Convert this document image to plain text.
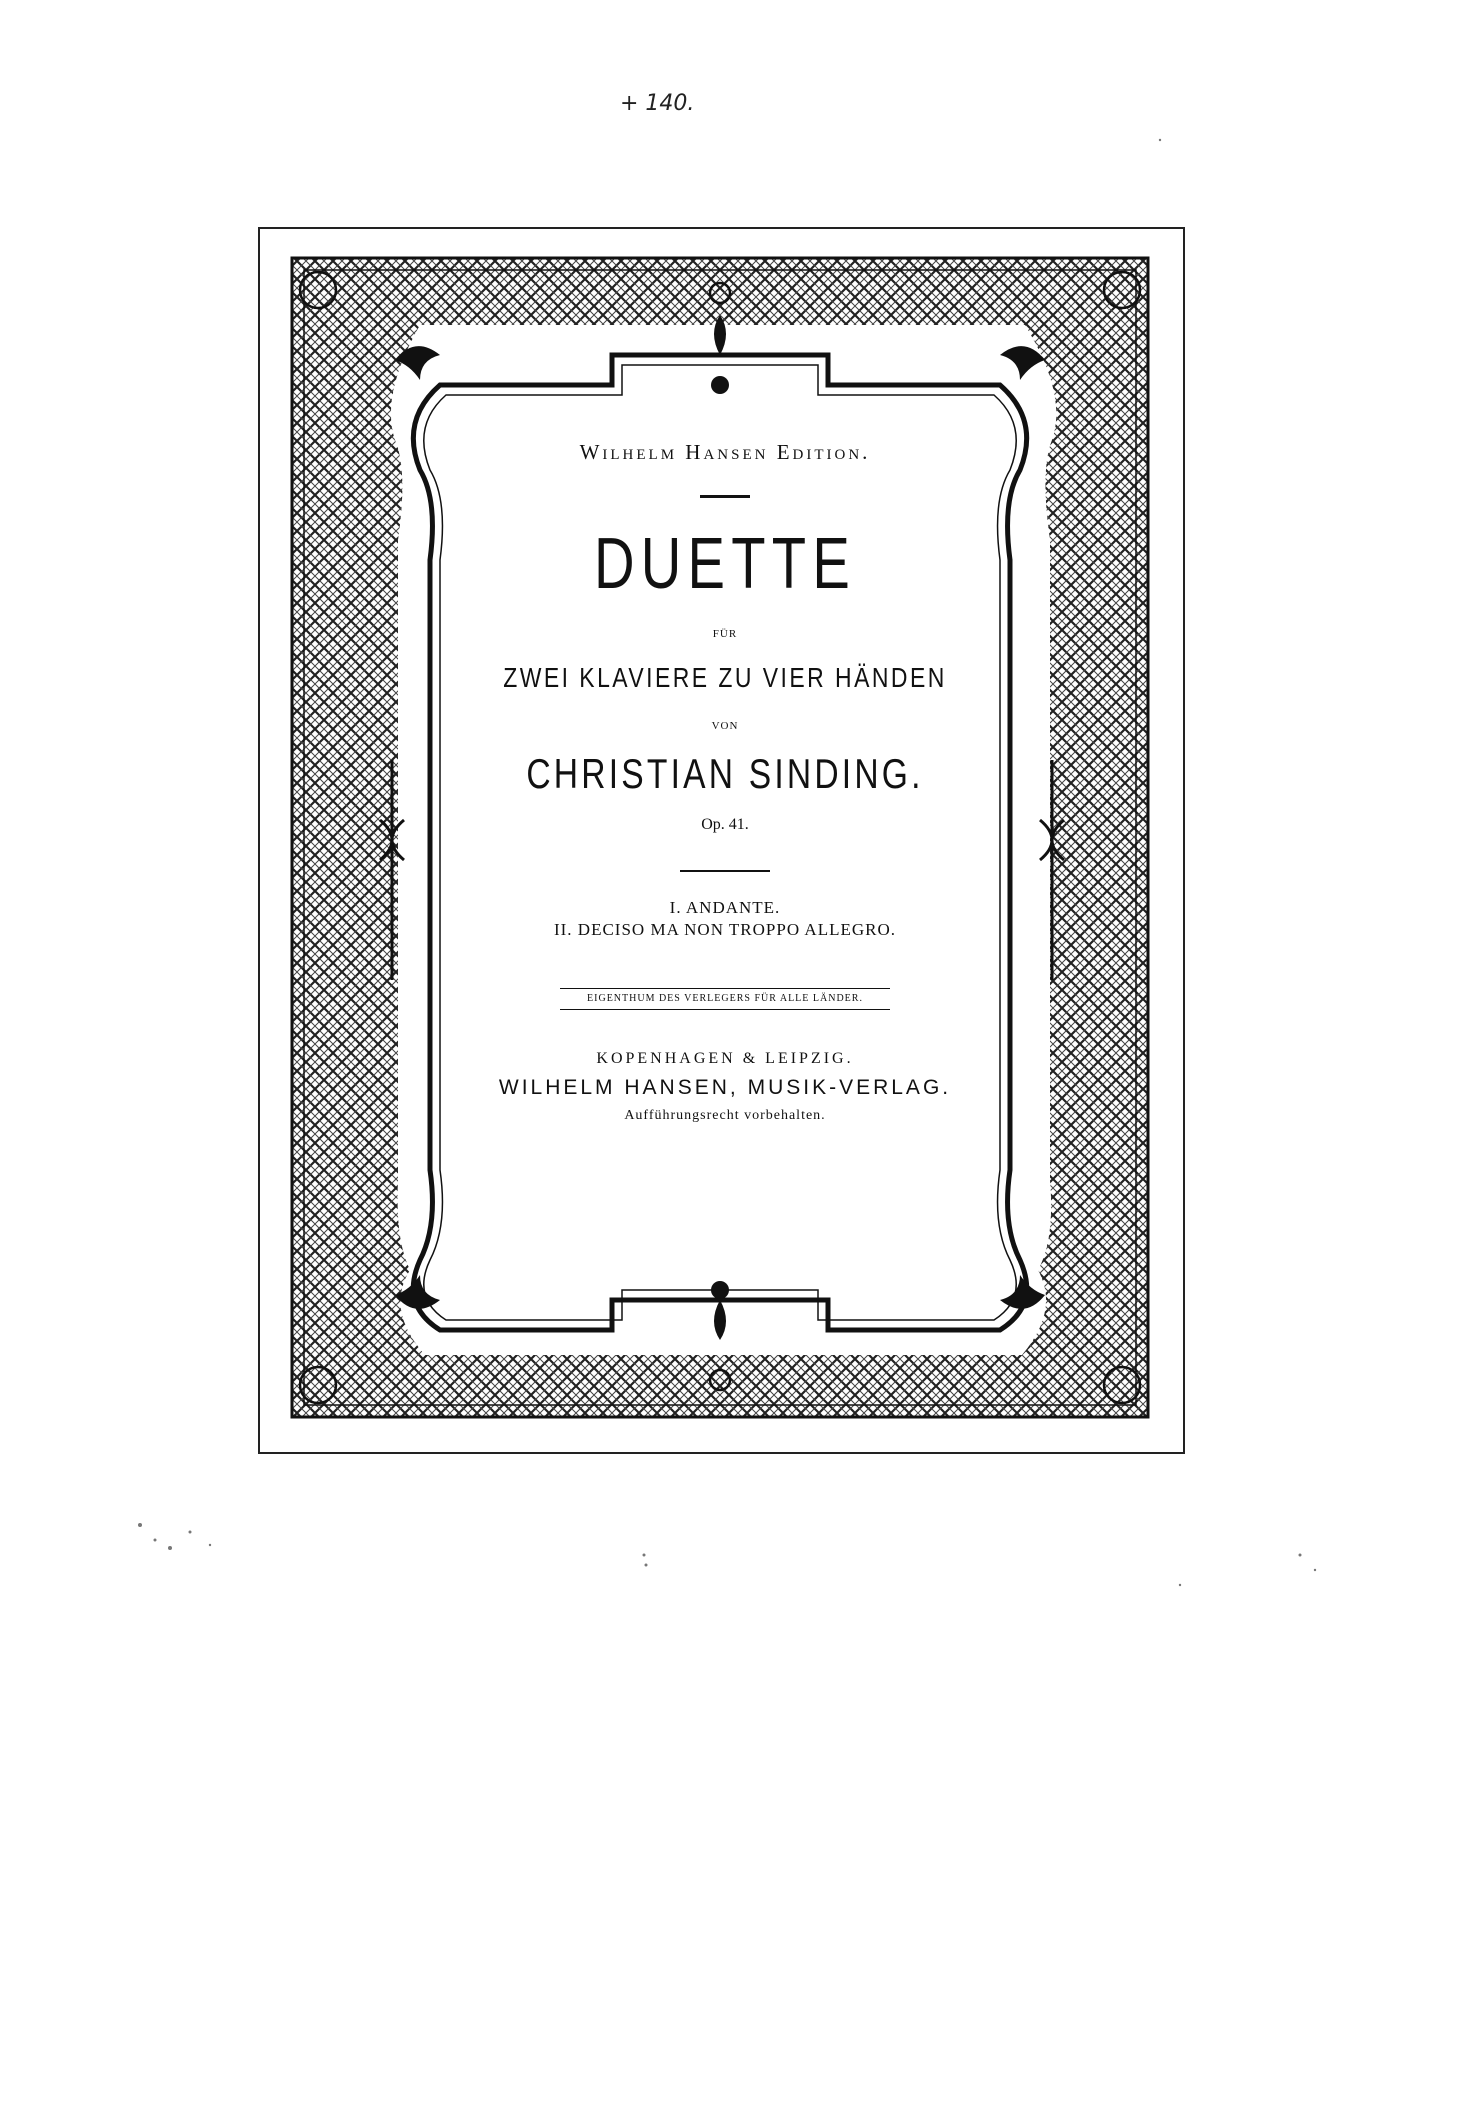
+ 140.
Wilhelm Hansen Edition.
DUETTE
FÜR
ZWEI KLAVIERE ZU VIER HÄNDEN
VON
CHRISTIAN SINDING.
Op. 41.
I. ANDANTE.
II. DECISO MA NON TROPPO ALLEGRO.
EIGENTHUM DES VERLEGERS FÜR ALLE LÄNDER.
KOPENHAGEN & LEIPZIG.
WILHELM HANSEN, MUSIK-VERLAG.
Aufführungsrecht vorbehalten.
